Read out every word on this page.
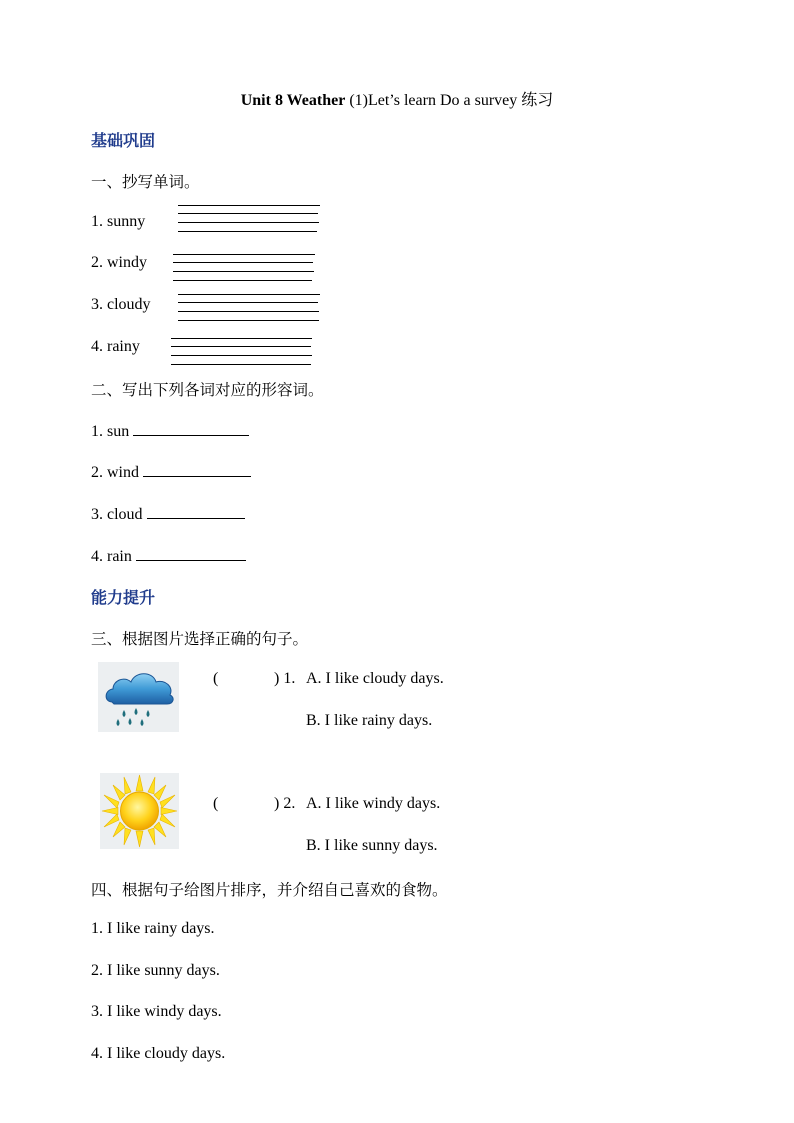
Unit 8 Weather (1)Let’s learn Do a survey 练习
基础巩固
一、抄写单词。
1. sunny
2. windy
3. cloudy
4. rainy
二、写出下列各词对应的形容词。
1. sun
2. wind
3. cloud
4. rain
能力提升
三、根据图片选择正确的句子。
(	) 1. A. I like cloudy days.
B. I like rainy days.
(	) 2. A. I like windy days.
B. I like sunny days.
四、根据句子给图片排序，并介绍自己喜欢的食物。
1. I like rainy days.
2. I like sunny days.
3. I like windy days.
4. I like cloudy days.
